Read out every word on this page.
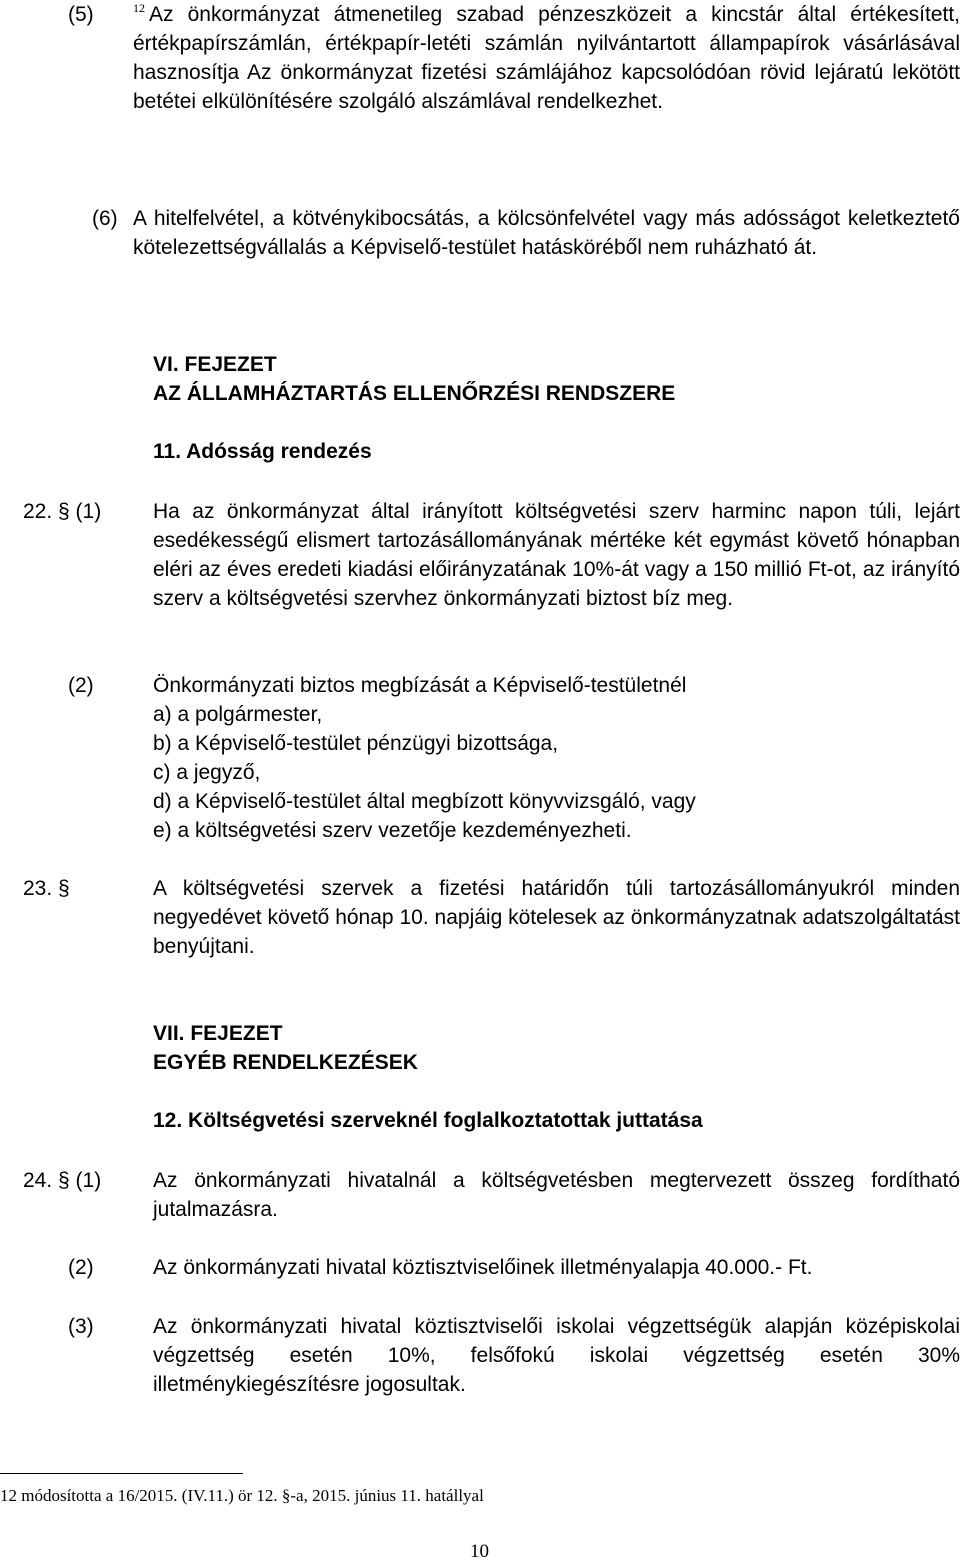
(5)	$^{12}$ Az önkormányzat átmenetileg szabad pénzeszközeit a kincstár által értékesített, értékpapírszámlán, értékpapír-letéti számlán nyilvántartott állampapírok vásárlásával hasznosítja Az önkormányzat fizetési számlájához kapcsolódóan rövid lejáratú lekötött betétei elkülönítésére szolgáló alszámlával rendelkezhet.
(6) A hitelfelvétel, a kötvénykibocsátás, a kölcsönfelvétel vagy más adósságot keletkeztető kötelezettségvállalás a Képviselő-testület hatásköréből nem ruházható át.
VI. FEJEZET
AZ ÁLLAMHÁZTARTÁS ELLENŐRZÉSI RENDSZERE
11. Adósság rendezés
22. § (1) Ha az önkormányzat által irányított költségvetési szerv harminc napon túli, lejárt esedékességű elismert tartozásállományának mértéke két egymást követő hónapban eléri az éves eredeti kiadási előirányzatának 10%-át vagy a 150 millió Ft-ot, az irányító szerv a költségvetési szervhez önkormányzati biztost bíz meg.
(2)	Önkormányzati biztos megbízását a Képviselő-testületnél
a) a polgármester,
b) a Képviselő-testület pénzügyi bizottsága,
c) a jegyző,
d) a Képviselő-testület által megbízott könyvvizsgáló, vagy
e) a költségvetési szerv vezetője kezdeményezheti.
23. §	A költségvetési szervek a fizetési határidőn túli tartozásállományukról minden negyedévet követő hónap 10. napjáig kötelesek az önkormányzatnak adatszolgáltatást benyújtani.
VII. FEJEZET
EGYÉB RENDELKEZÉSEK
12. Költségvetési szerveknél foglalkoztatottak juttatása
24. § (1) Az önkormányzati hivatalnál a költségvetésben megtervezett összeg fordítható jutalmazásra.
(2)	Az önkormányzati hivatal köztisztviselőinek illetményalapja 40.000.- Ft.
(3)	Az önkormányzati hivatal köztisztviselői iskolai végzettségük alapján középiskolai végzettség esetén 10%, felsőfokú iskolai végzettség esetén 30% illetménykiegészítésre jogosultak.
12 módosította a 16/2015. (IV.11.) ör 12. §-a, 2015. június 11. hatállyal
10
